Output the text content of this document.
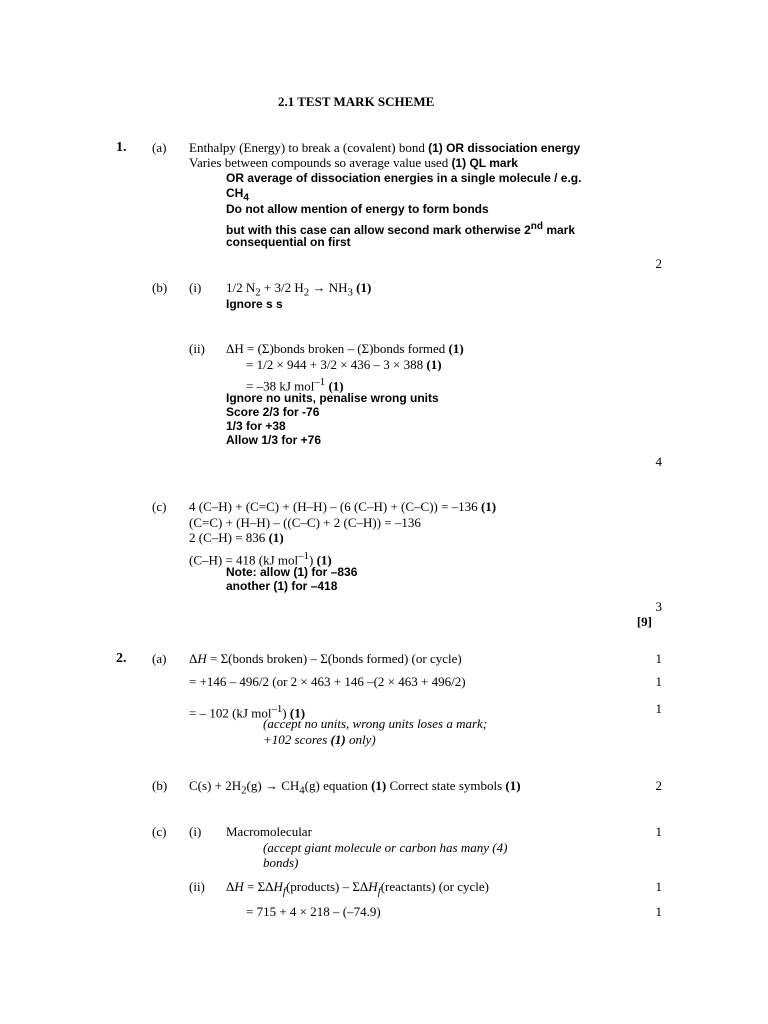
2.1 TEST MARK SCHEME
1. (a) Enthalpy (Energy) to break a (covalent) bond (1) OR dissociation energy
Varies between compounds so average value used (1) QL mark
OR average of dissociation energies in a single molecule / e.g.
$CH_4$
Do not allow mention of energy to form bonds
but with this case can allow second mark otherwise 2nd mark
consequential on first
2
(b) (i) 1/2 $N_2 + 3/2$ $H_2 \to NH_3$ (1)
Ignore s s
(ii) ΔH = (Σ)bonds broken – (Σ)bonds formed (1)
= 1/2 × 944 + 3/2 × 436 – 3 × 388 (1)
= –38 kJ mol$^{-1}$ (1)
Ignore no units, penalise wrong units
Score 2/3 for -76
1/3 for +38
Allow 1/3 for +76
4
(c) 4 (C–H) + (C=C) + (H–H) – (6 (C–H) + (C–C)) = –136 (1)
(C=C) + (H–H) – ((C–C) + 2 (C–H)) = –136
2 (C–H) = 836 (1)
(C–H) = 418 (kJ mol$^{-1}$) (1)
Note: allow (1) for –836
another (1) for –418
3
[9]
2. (a) ΔH = Σ(bonds broken) – Σ(bonds formed) (or cycle)	1
= +146 – 496/2 (or 2 × 463 + 146 –(2 × 463 + 496/2)	1
= – 102 (kJ mol$^{-1}$) (1)	1
(accept no units, wrong units loses a mark;
+102 scores (1) only)
(b) $C(s) + 2H_2(g) \to CH_4(g)$ equation (1) Correct state symbols (1)	2
(c) (i) Macromolecular	1
(accept giant molecule or carbon has many (4)
bonds)
(ii) $\Delta H = \Sigma\Delta H_f(products)$ – $\Sigma\Delta H_f(reactants)$ (or cycle)	1
= 715 + 4 × 218 – (–74.9)	1
